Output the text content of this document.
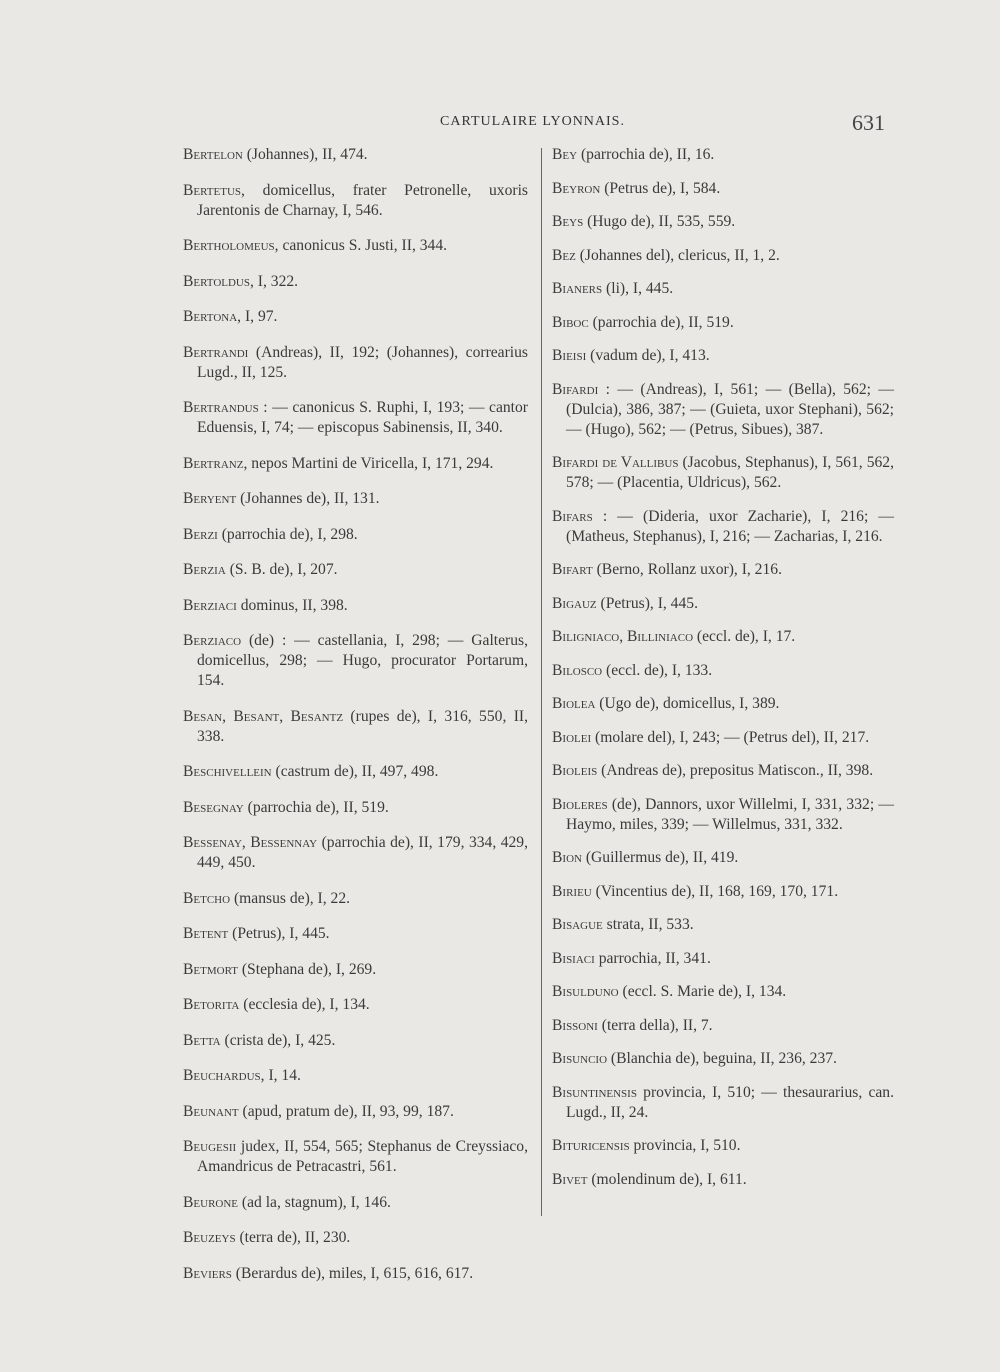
CARTULAIRE LYONNAIS.	631

Bertelon (Johannes), II, 474.

Bertetus, domicellus, frater Petronelle, uxoris Jarentonis de Charnay, I, 546.

Bertholomeus, canonicus S. Justi, II, 344.

Bertoldus, I, 322.

Bertona, I, 97.

Bertrandi (Andreas), II, 192; (Johannes), correarius Lugd., II, 125.

Bertrandus : — canonicus S. Ruphi, I, 193; — cantor Eduensis, I, 74; — episcopus Sabinensis, II, 340.

Bertranz, nepos Martini de Viricella, I, 171, 294.

Beryent (Johannes de), II, 131.

Berzi (parrochia de), I, 298.

Berzia (S. B. de), I, 207.

Berziaci dominus, II, 398.

Berziaco (de) : — castellania, I, 298; — Galterus, domicellus, 298; — Hugo, procurator Portarum, 154.

Besan, Besant, Besantz (rupes de), I, 316, 550, II, 338.

Beschivellein (castrum de), II, 497, 498.

Besegnay (parrochia de), II, 519.

Bessenay, Bessennay (parrochia de), II, 179, 334, 429, 449, 450.

Betcho (mansus de), I, 22.

Betent (Petrus), I, 445.

Betmort (Stephana de), I, 269.

Betorita (ecclesia de), I, 134.

Betta (crista de), I, 425.

Beuchardus, I, 14.

Beunant (apud, pratum de), II, 93, 99, 187.

Beugesii judex, II, 554, 565; Stephanus de Creyssiaco, Amandricus de Petracastri, 561.

Beurone (ad la, stagnum), I, 146.

Beuzeys (terra de), II, 230.

Beviers (Berardus de), miles, I, 615, 616, 617.

Bey (parrochia de), II, 16.

Beyron (Petrus de), I, 584.

Beys (Hugo de), II, 535, 559.

Bez (Johannes del), clericus, II, 1, 2.

Bianers (li), I, 445.

Biboc (parrochia de), II, 519.

Bieisi (vadum de), I, 413.

Bifardi : — (Andreas), I, 561; — (Bella), 562; — (Dulcia), 386, 387; — (Guieta, uxor Stephani), 562; — (Hugo), 562; — (Petrus, Sibues), 387.

Bifardi de Vallibus (Jacobus, Stephanus), I, 561, 562, 578; — (Placentia, Uldricus), 562.

Bifars : — (Dideria, uxor Zacharie), I, 216; — (Matheus, Stephanus), I, 216; — Zacharias, I, 216.

Bifart (Berno, Rollanz uxor), I, 216.

Bigauz (Petrus), I, 445.

Biligniaco, Billiniaco (eccl. de), I, 17.

Bilosco (eccl. de), I, 133.

Biolea (Ugo de), domicellus, I, 389.

Biolei (molare del), I, 243; — (Petrus del), II, 217.

Bioleis (Andreas de), prepositus Matiscon., II, 398.

Bioleres (de), Dannors, uxor Willelmi, I, 331, 332; — Haymo, miles, 339; — Willelmus, 331, 332.

Bion (Guillermus de), II, 419.

Birieu (Vincentius de), II, 168, 169, 170, 171.

Bisague strata, II, 533.

Bisiaci parrochia, II, 341.

Bisulduno (eccl. S. Marie de), I, 134.

Bissoni (terra della), II, 7.

Bisuncio (Blanchia de), beguina, II, 236, 237.

Bisuntinensis provincia, I, 510; — thesaurarius, can. Lugd., II, 24.

Bituricensis provincia, I, 510.

Bivet (molendinum de), I, 611.
